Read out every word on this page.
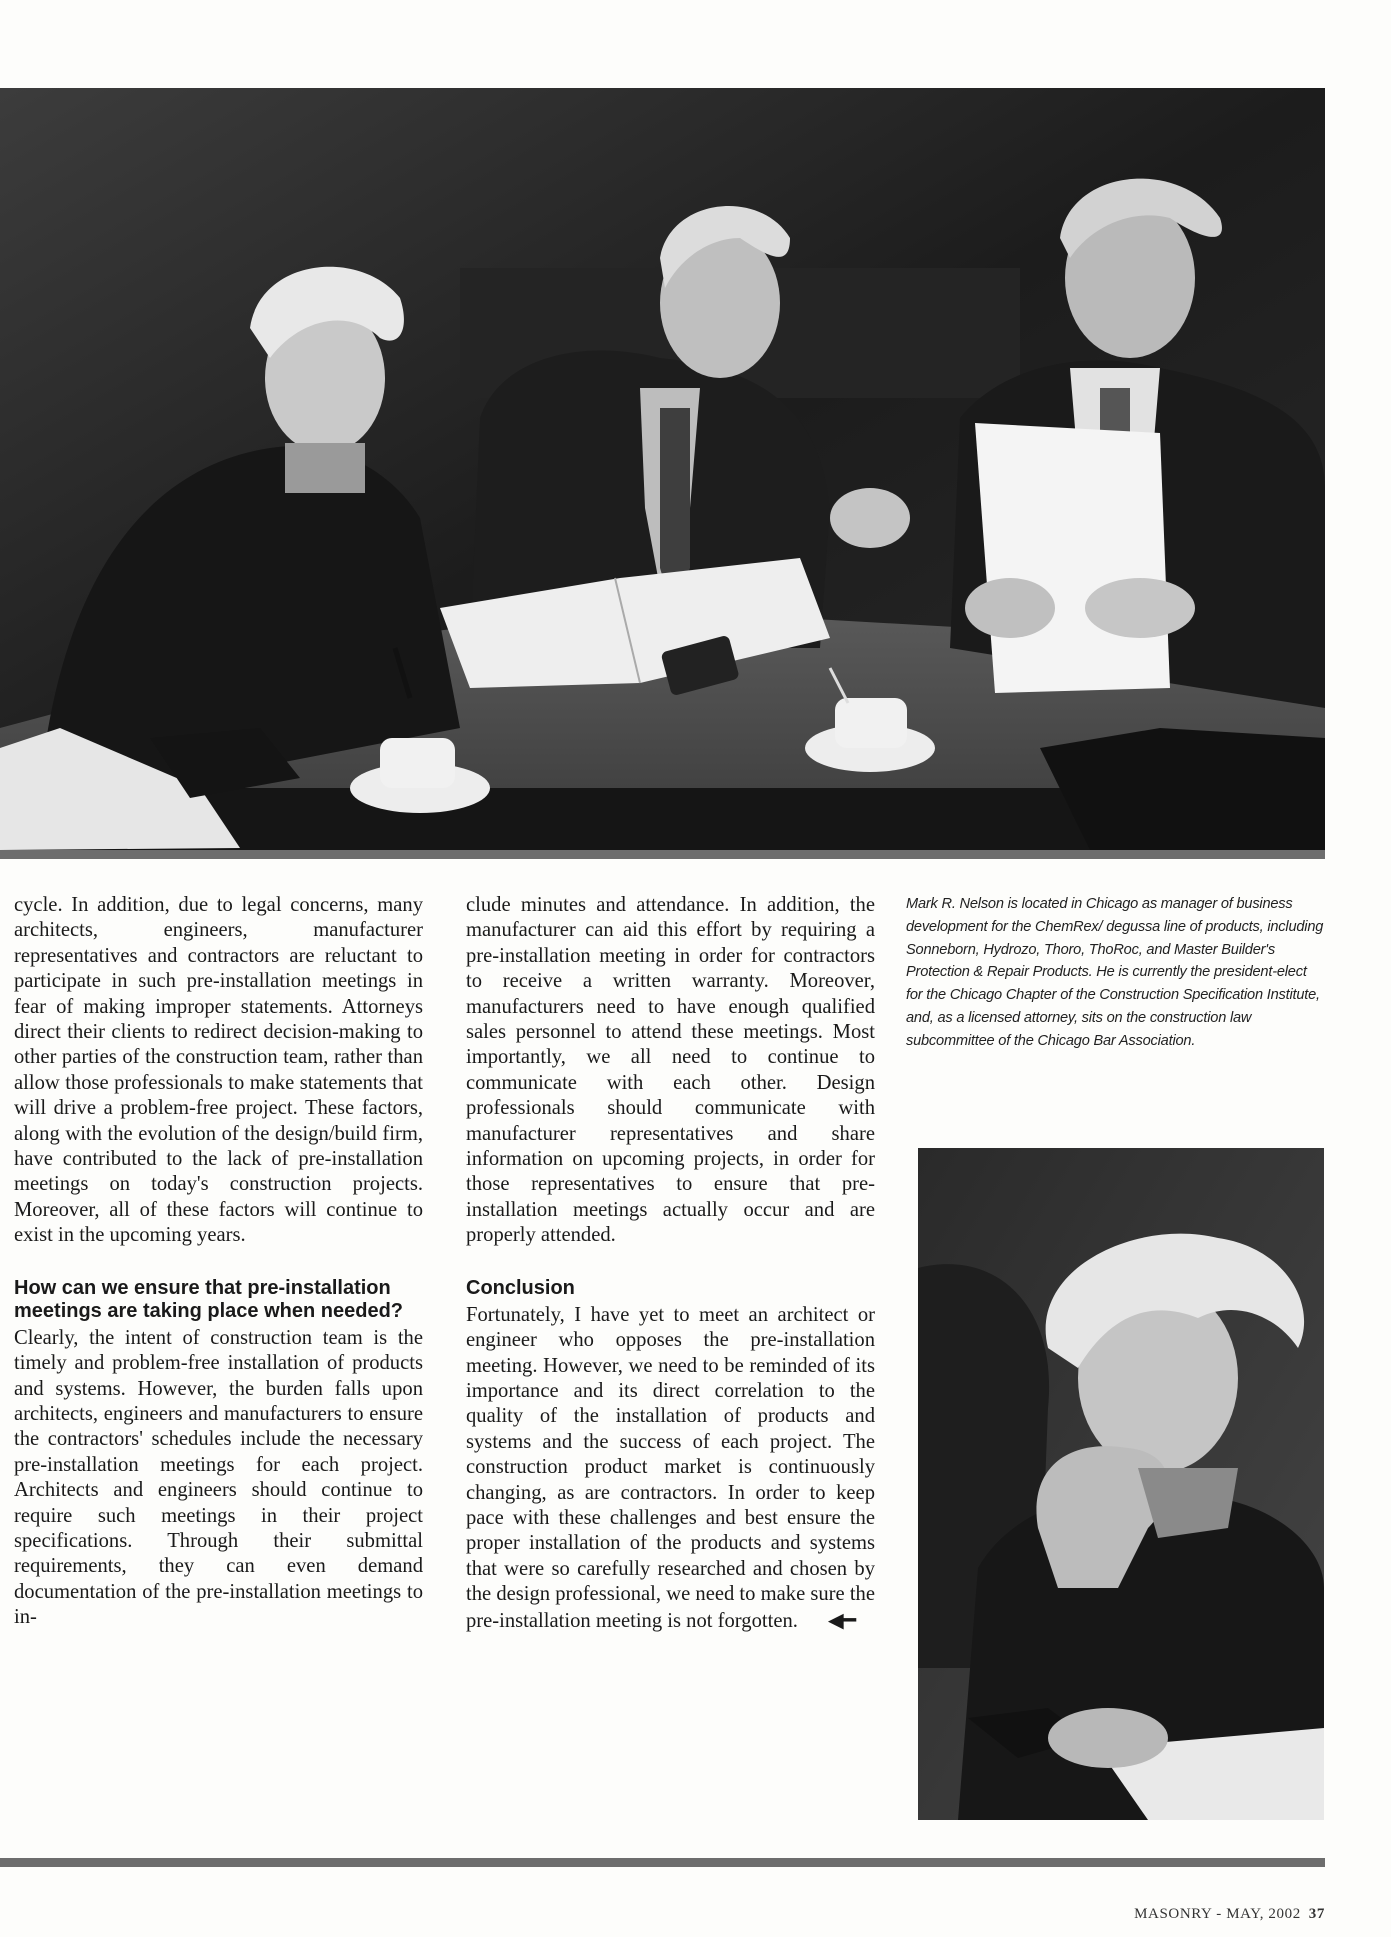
cycle. In addition, due to legal concerns, many architects, engineers, manufacturer representatives and contractors are reluctant to participate in such pre-installation meetings in fear of making improper statements. Attorneys direct their clients to redirect decision-making to other parties of the construction team, rather than allow those professionals to make statements that will drive a problem-free project. These factors, along with the evolution of the design/build firm, have contributed to the lack of pre-installation meetings on today's construction projects. Moreover, all of these factors will continue to exist in the upcoming years.

How can we ensure that pre-installation meetings are taking place when needed?

Clearly, the intent of construction team is the timely and problem-free installation of products and systems. However, the burden falls upon architects, engineers and manufacturers to ensure the contractors' schedules include the necessary pre-installation meetings for each project. Architects and engineers should continue to require such meetings in their project specifications. Through their submittal requirements, they can even demand documentation of the pre-installation meetings to in-

clude minutes and attendance. In addition, the manufacturer can aid this effort by requiring a pre-installation meeting in order for contractors to receive a written warranty. Moreover, manufacturers need to have enough qualified sales personnel to attend these meetings. Most importantly, we all need to continue to communicate with each other. Design professionals should communicate with manufacturer representatives and share information on upcoming projects, in order for those representatives to ensure that pre-installation meetings actually occur and are properly attended.

Conclusion

Fortunately, I have yet to meet an architect or engineer who opposes the pre-installation meeting. However, we need to be reminded of its importance and its direct correlation to the quality of the installation of products and systems and the success of each project. The construction product market is continuously changing, as are contractors. In order to keep pace with these challenges and best ensure the proper installation of the products and systems that were so carefully researched and chosen by the design professional, we need to make sure the pre-installation meeting is not forgotten. ◀━

Mark R. Nelson is located in Chicago as manager of business development for the ChemRex/ degussa line of products, including Sonneborn, Hydrozo, Thoro, ThoRoc, and Master Builder's Protection & Repair Products. He is currently the president-elect for the Chicago Chapter of the Construction Specification Institute, and, as a licensed attorney, sits on the construction law subcommittee of the Chicago Bar Association.

MASONRY - MAY, 2002 37
